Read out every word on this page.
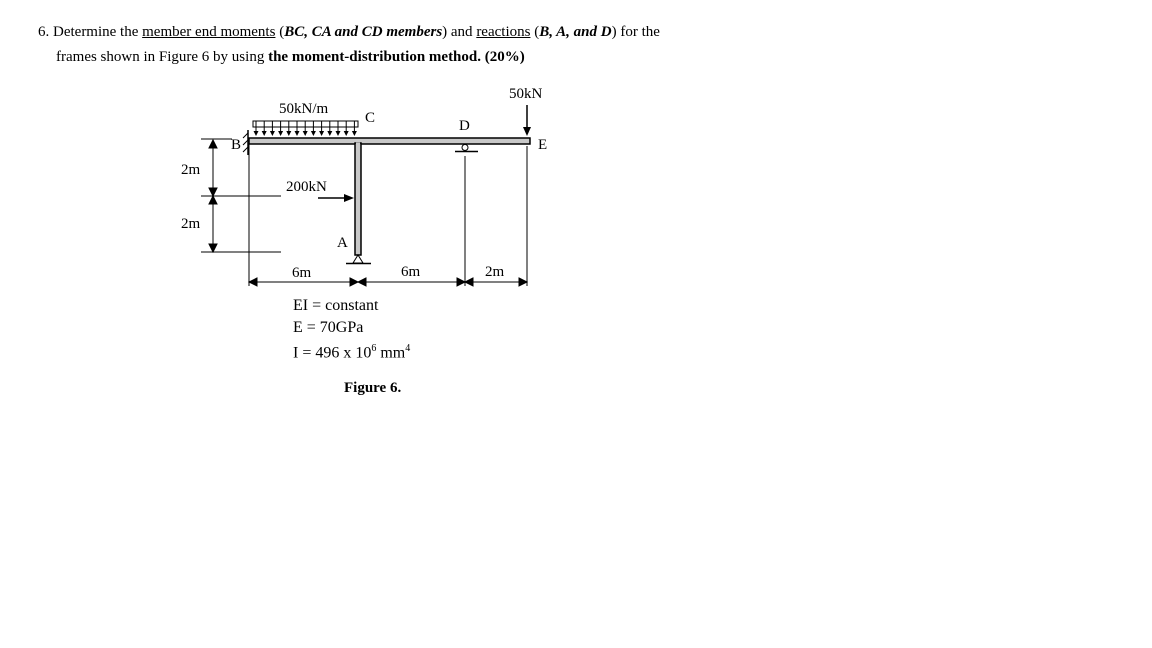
6. Determine the member end moments (BC, CA and CD members) and reactions (B, A, and D) for the
frames shown in Figure 6 by using the moment-distribution method. (20%)
50kN/m
50kN
200kN
B
C	D
E
A
2m
2m
6m	6m	2m
EI = constant
E = 70GPa
I = 496 x $10^6$ $mm^4$
Figure 6.
